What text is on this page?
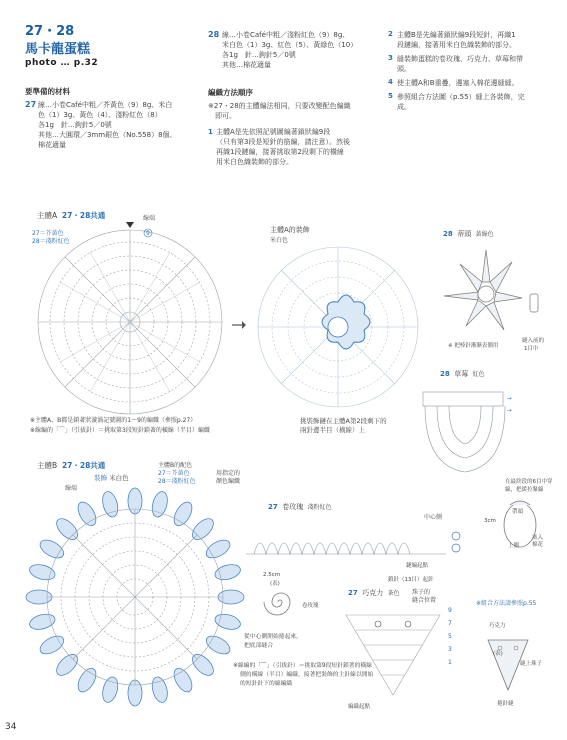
27・28
馬卡龍蛋糕
photo … p.32
要準備的材料
27 線…小卷Café中粗／芥黃色（9）8g、米白
色（1）3g、黃色（4）、淺粉紅色（8）
各1g　針…鉤針5／0號
其他…大圓環／3mm銀色（No.558）8個、
棉花適量
28 線…小卷Café中粗／淺粉紅色（9）8g、
米白色（1）3g、紅色（5）、黃綠色（10）
各1g　針…鉤針5／0號
其他…棉花適量
編織方法順序
※27・28的主體編法相同，只要改變配色編織
即可。
1 主體A是先依照記號圖編著鎖狀編9段
（只有第3段是短針的筋編，請注意）。然後
再織1段鏈編，接著挑取第2段剩下的橫線
用米白色織裝飾的部分。
2 主體B是先編著鎖狀編9段短針，再織1
段鏈編，接著用米白色織裝飾的部分。
3 縫裝飾蛋糕的卷玫瑰、巧克力、草莓和帶
頭。
4 使主體A和B重疊，邊塞入棉花邊縫縫。
5 參照組合方法圖（p.55）縫上各裝飾，完
成。
主體A 27・28共通
27＝芥黃色
28＝淺粉紅色
線端
9	主體A的裝飾
米白色
挑裝飾鏈在主體A第2段剩下的
兩針邊半目（橫線）上
※主體A、B都是鎖著狀漩渦記號圖的1～9的編織（參照p.27）
※線編的「⌒」（引拔針）＝挑取第3段短針鎖著的橫線（半目）編織
28 蒂頭 黃綠色
※ 把棒針漸漸表側用
縫入前的
1目中
28 草莓 紅色
→
→
在最終段的6目中穿
線，把緩拉緊線
帶頭
3cm
上側
塞入
棉花
主體B 27・28共通
裝飾 米白色
線端
主體B的配色
27＝芥黃色
28＝淺粉紅色
用指定的
顏色編織
※線編的「⌒」（引拔針）＝挑取第9段短針鎖著的橫線
側的橫線（半目）編織，接著把裝飾的主針線以開始
的短針針下的線編織
27 卷玫瑰 淺粉紅色
中心側
鏈編起點
鎖針（13目）起針
2.5cm
(表)
卷玫瑰
從中心側開始捲起來，
把底部縫合
27 巧克力 茶色 珠子的
縫合位置	※組合方法請參照p.55
編織起點
9
7
5
3
1
巧克力
(表)
縫上珠子
捲針縫
34
